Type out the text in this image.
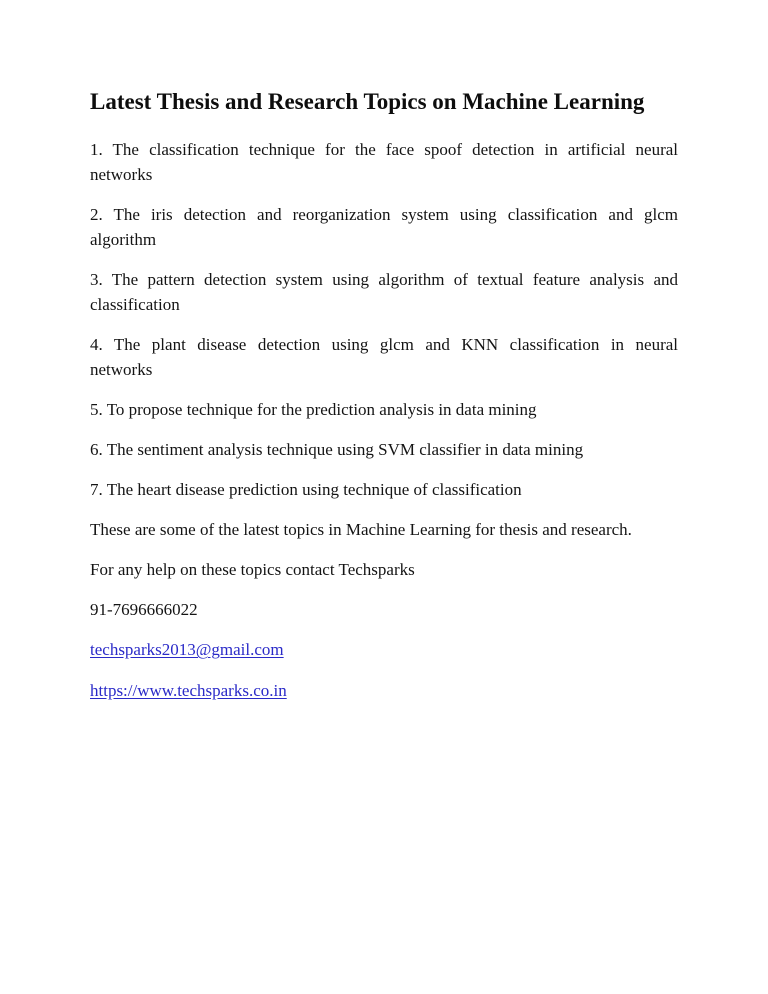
Latest Thesis and Research Topics on Machine Learning
1. The classification technique for the face spoof detection in artificial neural
networks
2. The iris detection and reorganization system using classification and glcm
algorithm
3. The pattern detection system using algorithm of textual feature analysis and
classification
4. The plant disease detection using glcm and KNN classification in neural
networks
5. To propose technique for the prediction analysis in data mining
6. The sentiment analysis technique using SVM classifier in data mining
7. The heart disease prediction using technique of classification

These are some of the latest topics in Machine Learning for thesis and research.

For any help on these topics contact Techsparks

91-7696666022

techsparks2013@gmail.com

https://www.techsparks.co.in
